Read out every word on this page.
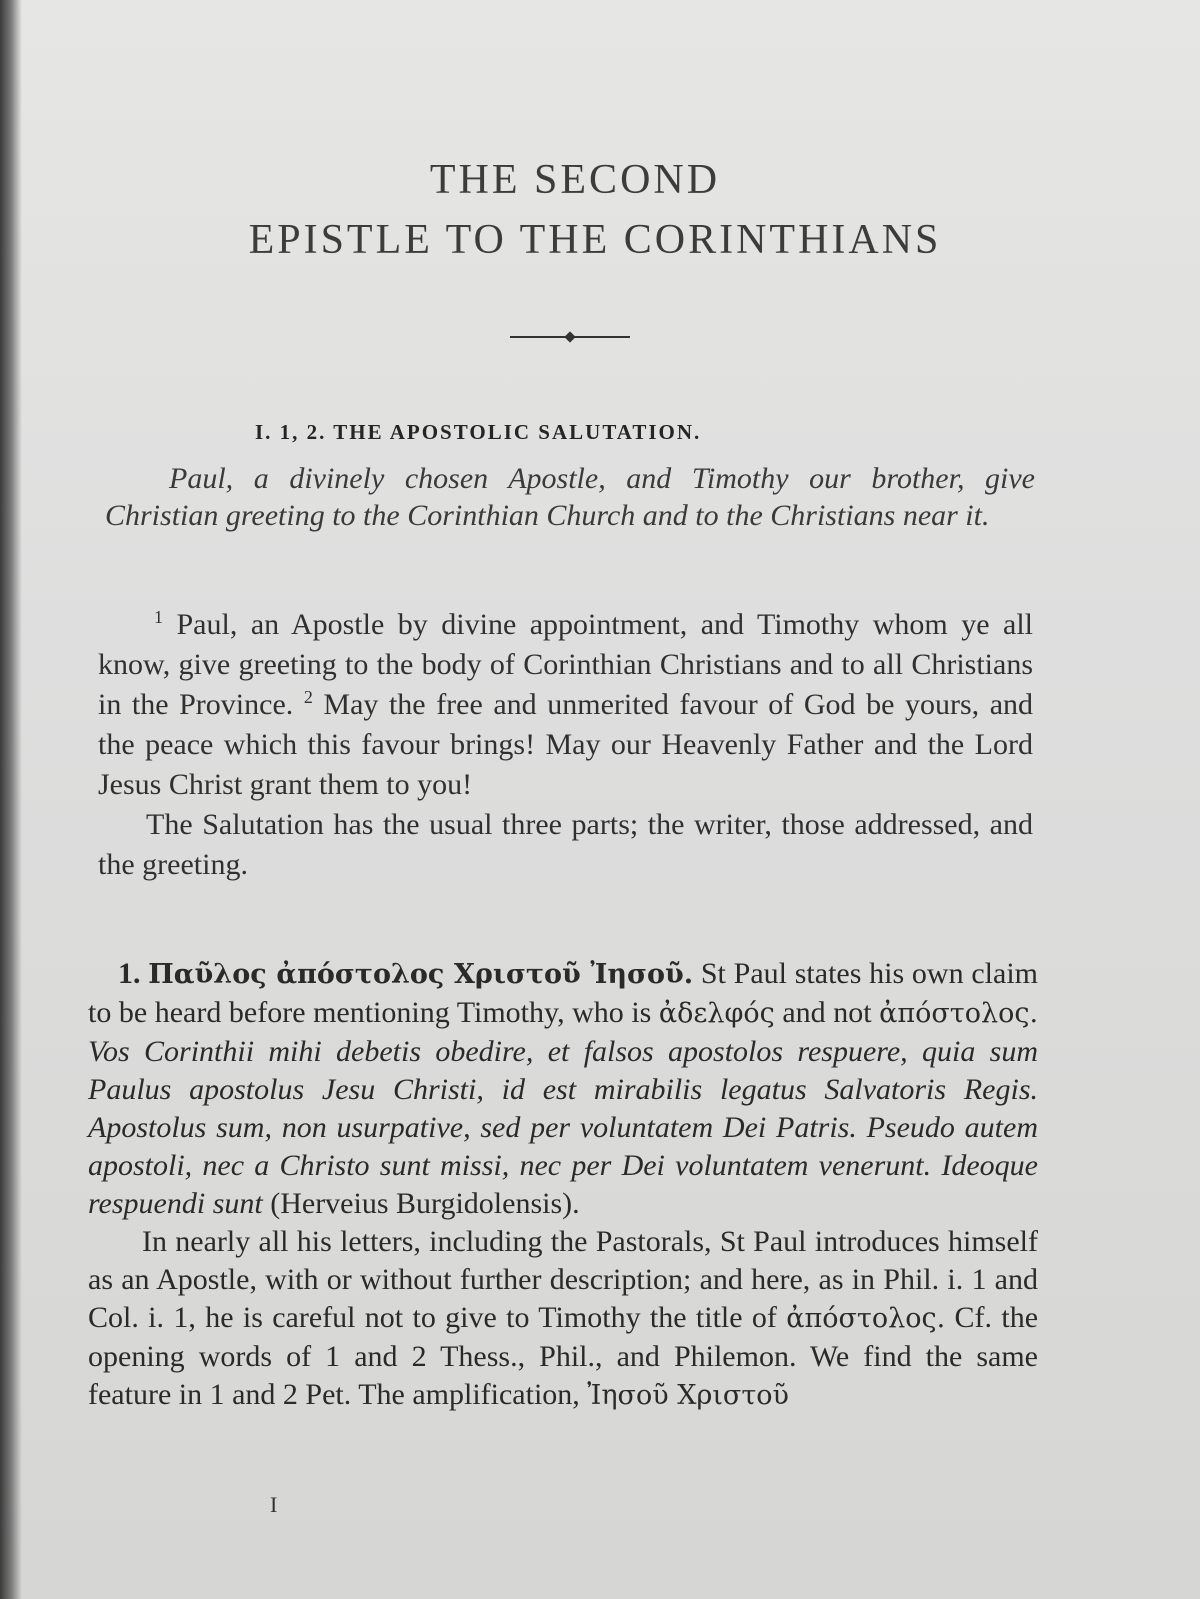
THE SECOND
EPISTLE TO THE CORINTHIANS
I. 1, 2. THE APOSTOLIC SALUTATION.
Paul, a divinely chosen Apostle, and Timothy our brother, give Christian greeting to the Corinthian Church and to the Christians near it.

$^1$ Paul, an Apostle by divine appointment, and Timothy whom ye all know, give greeting to the body of Corinthian Christians and to all Christians in the Province. $^2$ May the free and unmerited favour of God be yours, and the peace which this favour brings! May our Heavenly Father and the Lord Jesus Christ grant them to you!

The Salutation has the usual three parts; the writer, those addressed, and the greeting.

1. Παῦλος ἀπόστολος Χριστοῦ Ἰησοῦ. St Paul states his own claim to be heard before mentioning Timothy, who is ἀδελφός and not ἀπόστολος. Vos Corinthii mihi debetis obedire, et falsos apostolos respuere, quia sum Paulus apostolus Jesu Christi, id est mirabilis legatus Salvatoris Regis. Apostolus sum, non usurpative, sed per voluntatem Dei Patris. Pseudo autem apostoli, nec a Christo sunt missi, nec per Dei voluntatem venerunt. Ideoque respuendi sunt (Herveius Burgidolensis).

In nearly all his letters, including the Pastorals, St Paul introduces himself as an Apostle, with or without further description; and here, as in Phil. i. 1 and Col. i. 1, he is careful not to give to Timothy the title of ἀπόστολος. Cf. the opening words of 1 and 2 Thess., Phil., and Philemon. We find the same feature in 1 and 2 Pet. The amplification, Ἰησοῦ Χριστοῦ

I
